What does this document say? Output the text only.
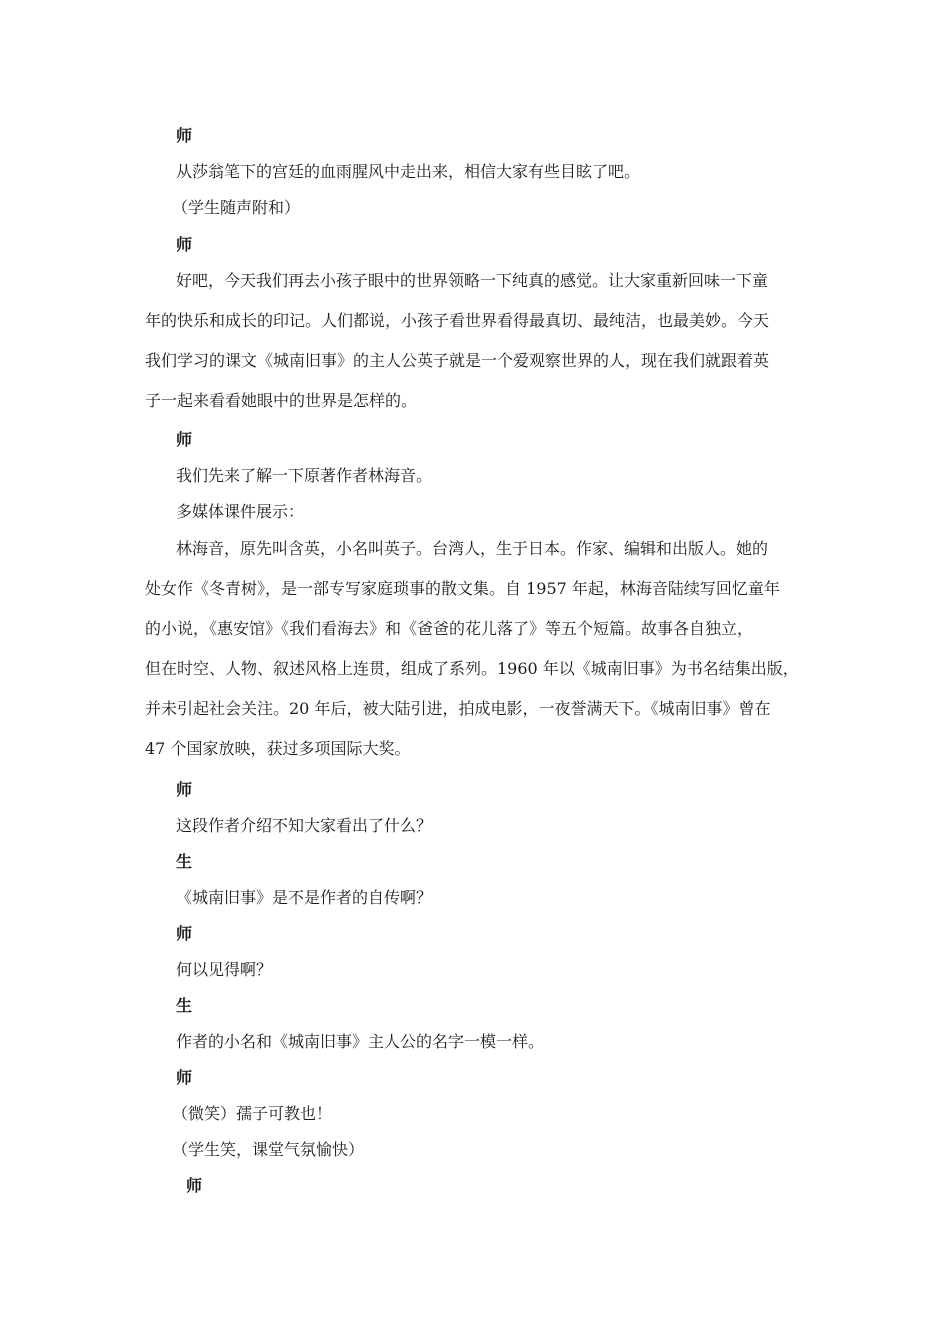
师

从莎翁笔下的宫廷的血雨腥风中走出来，相信大家有些目眩了吧。

（学生随声附和）

师

好吧，今天我们再去小孩子眼中的世界领略一下纯真的感觉。让大家重新回味一下童

年的快乐和成长的印记。人们都说，小孩子看世界看得最真切、最纯洁，也最美妙。今天

我们学习的课文《城南旧事》的主人公英子就是一个爱观察世界的人，现在我们就跟着英

子一起来看看她眼中的世界是怎样的。

师

我们先来了解一下原著作者林海音。

多媒体课件展示：

林海音，原先叫含英，小名叫英子。台湾人，生于日本。作家、编辑和出版人。她的

处女作《冬青树》，是一部专写家庭琐事的散文集。自 1957 年起，林海音陆续写回忆童年

的小说，《惠安馆》《我们看海去》和《爸爸的花儿落了》等五个短篇。故事各自独立，

但在时空、人物、叙述风格上连贯，组成了系列。1960 年以《城南旧事》为书名结集出版，

并未引起社会关注。20 年后，被大陆引进，拍成电影，一夜誉满天下。《城南旧事》曾在

47 个国家放映，获过多项国际大奖。

师

这段作者介绍不知大家看出了什么？

生

《城南旧事》是不是作者的自传啊？

师

何以见得啊？

生

作者的小名和《城南旧事》主人公的名字一模一样。

师

（微笑）孺子可教也！

（学生笑，课堂气氛愉快）

师
